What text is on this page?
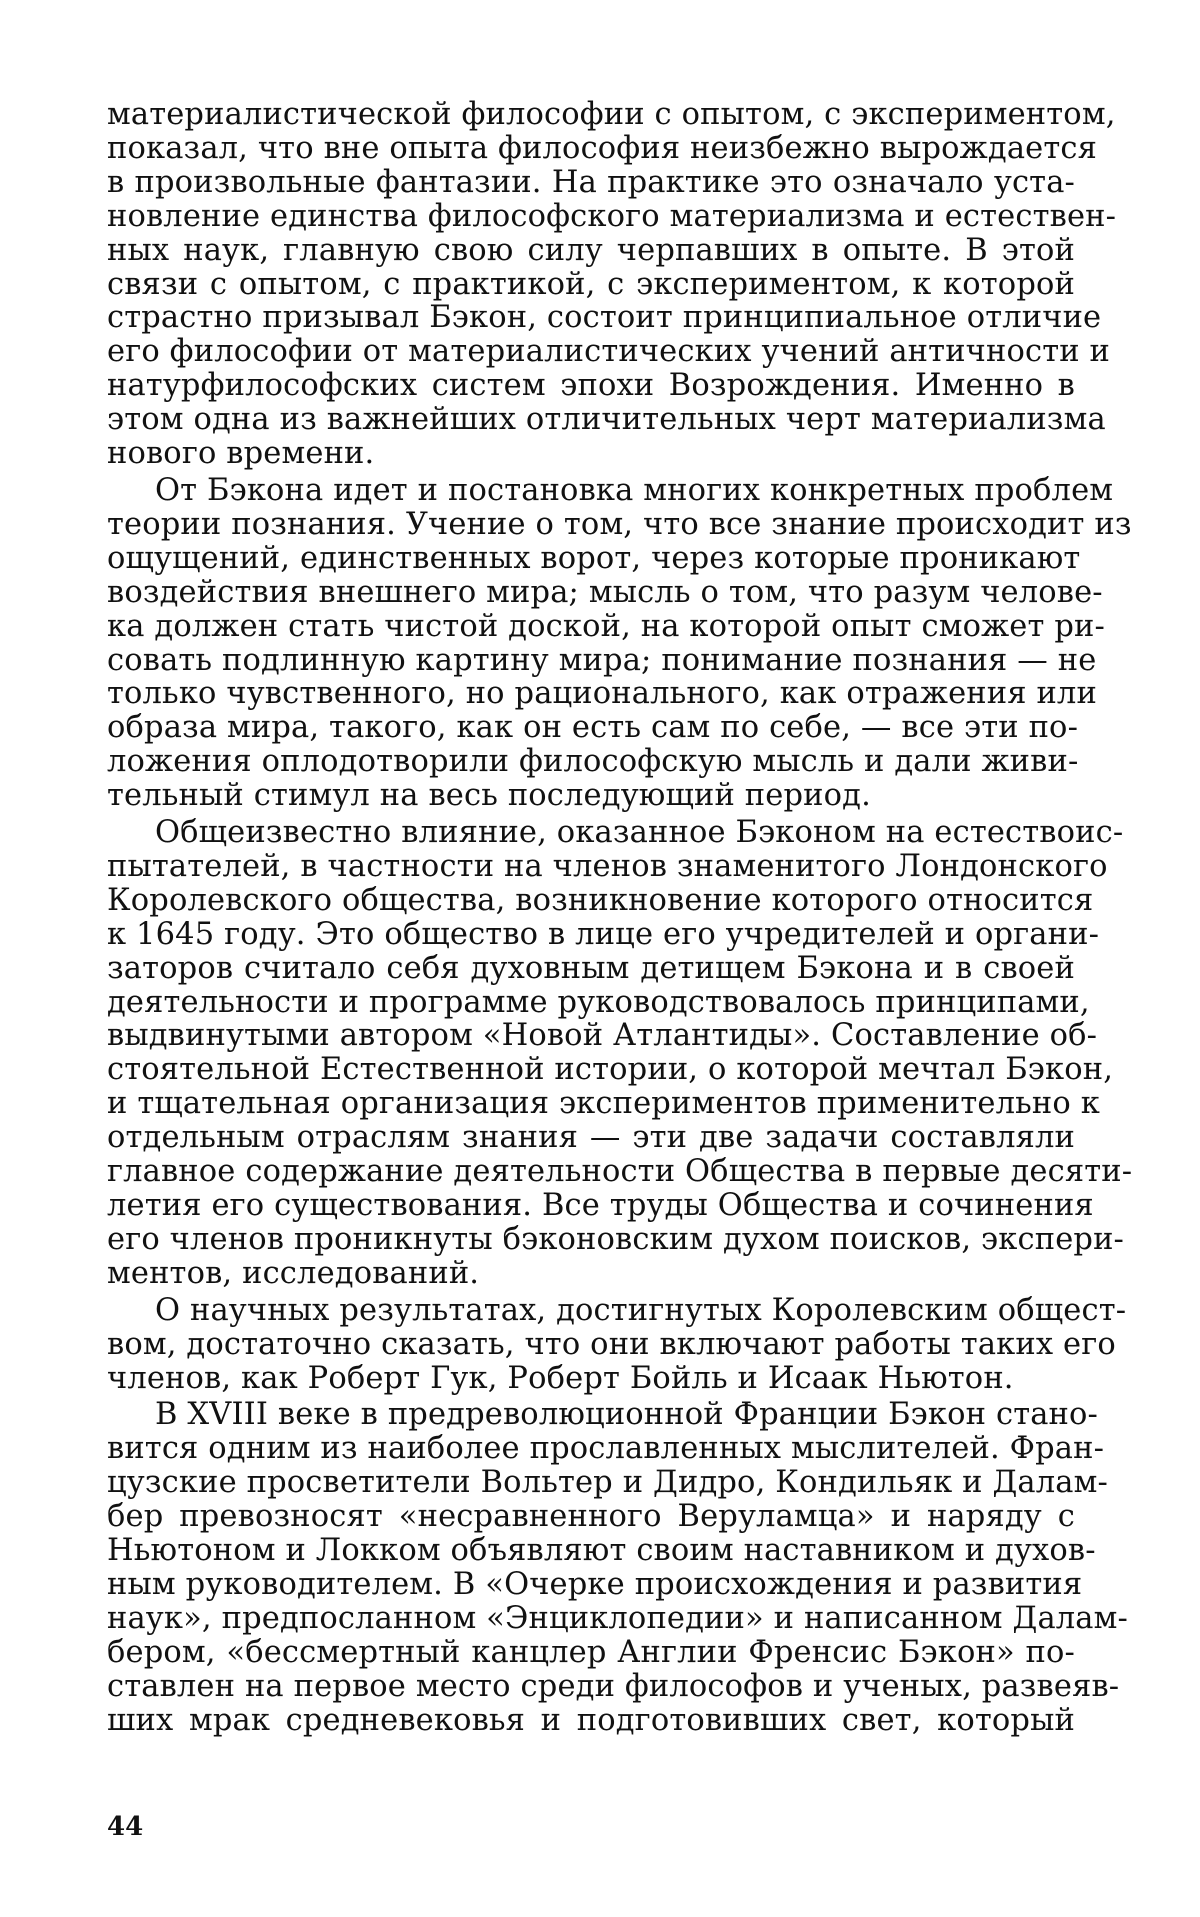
материалистической философии с опытом, с экспериментом,
показал, что вне опыта философия неизбежно вырождается
в произвольные фантазии. На практике это означало уста-
новление единства философского материализма и естествен-
ных наук, главную свою силу черпавших в опыте. В этой
связи с опытом, с практикой, с экспериментом, к которой
страстно призывал Бэкон, состоит принципиальное отличие
его философии от материалистических учений античности и
натурфилософских систем эпохи Возрождения. Именно в
этом одна из важнейших отличительных черт материализма
нового времени.
От Бэкона идет и постановка многих конкретных проблем
теории познания. Учение о том, что все знание происходит из
ощущений, единственных ворот, через которые проникают
воздействия внешнего мира; мысль о том, что разум челове-
ка должен стать чистой доской, на которой опыт сможет ри-
совать подлинную картину мира; понимание познания — не
только чувственного, но рационального, как отражения или
образа мира, такого, как он есть сам по себе, — все эти по-
ложения оплодотворили философскую мысль и дали живи-
тельный стимул на весь последующий период.
Общеизвестно влияние, оказанное Бэконом на естествоис-
пытателей, в частности на членов знаменитого Лондонского
Королевского общества, возникновение которого относится
к 1645 году. Это общество в лице его учредителей и органи-
заторов считало себя духовным детищем Бэкона и в своей
деятельности и программе руководствовалось принципами,
выдвинутыми автором «Новой Атлантиды». Составление об-
стоятельной Естественной истории, о которой мечтал Бэкон,
и тщательная организация экспериментов применительно к
отдельным отраслям знания — эти две задачи составляли
главное содержание деятельности Общества в первые десяти-
летия его существования. Все труды Общества и сочинения
его членов проникнуты бэконовским духом поисков, экспери-
ментов, исследований.
О научных результатах, достигнутых Королевским общест-
вом, достаточно сказать, что они включают работы таких его
членов, как Роберт Гук, Роберт Бойль и Исаак Ньютон.
В XVIII веке в предреволюционной Франции Бэкон стано-
вится одним из наиболее прославленных мыслителей. Фран-
цузские просветители Вольтер и Дидро, Кондильяк и Далам-
бер превозносят «несравненного Веруламца» и наряду с
Ньютоном и Локком объявляют своим наставником и духов-
ным руководителем. В «Очерке происхождения и развития
наук», предпосланном «Энциклопедии» и написанном Далам-
бером, «бессмертный канцлер Англии Френсис Бэкон» по-
ставлен на первое место среди философов и ученых, развеяв-
ших мрак средневековья и подготовивших свет, который
44
